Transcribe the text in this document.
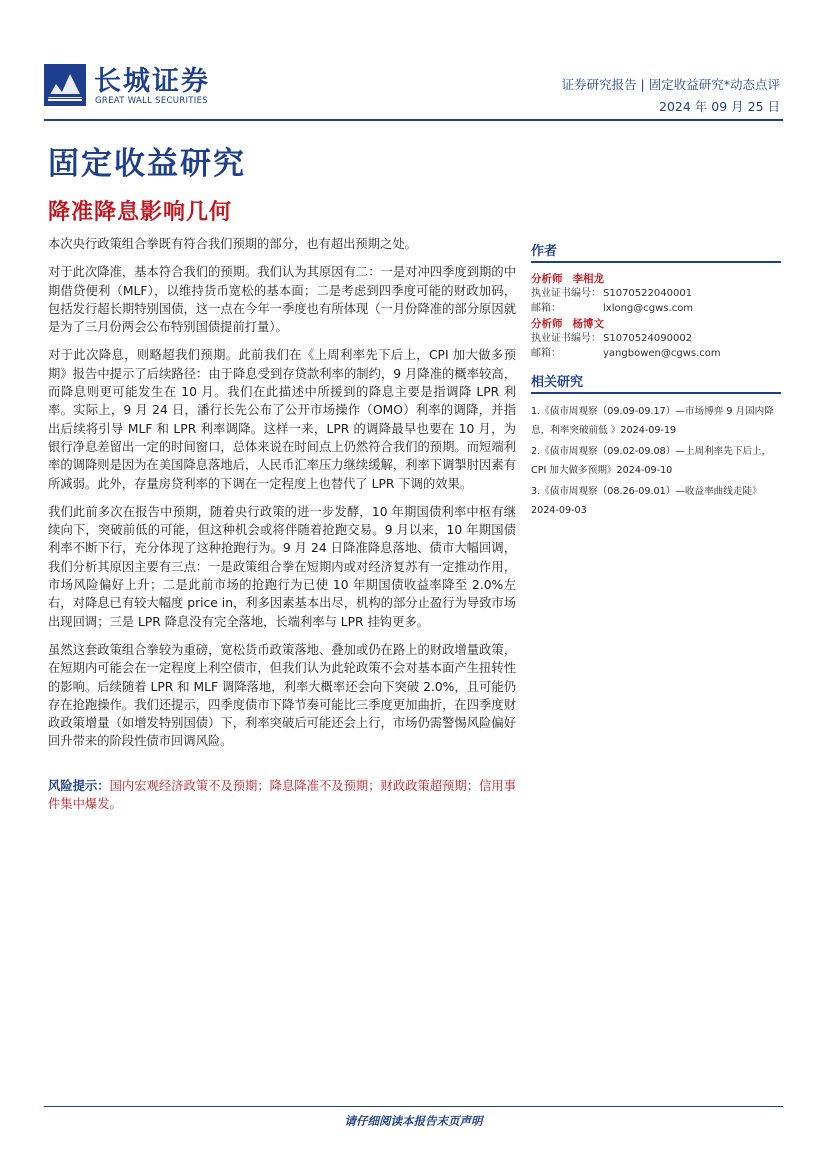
长城证券
GREAT WALL SECURITIES
证券研究报告 | 固定收益研究*动态点评
2024 年 09 月 25 日
固定收益研究
降准降息影响几何

本次央行政策组合拳既有符合我们预期的部分，也有超出预期之处。

对于此次降准，基本符合我们的预期。我们认为其原因有二：一是对冲四季度到期的中期借贷便利（MLF），以维持货币宽松的基本面；二是考虑到四季度可能的财政加码，包括发行超长期特别国债，这一点在今年一季度也有所体现（一月份降准的部分原因就是为了三月份两会公布特别国债提前打量）。

对于此次降息，则略超我们预期。此前我们在《上周利率先下后上，CPI 加大做多预期》报告中提示了后续路径：由于降息受到存贷款利率的制约，9 月降准的概率较高，而降息则更可能发生在 10 月。我们在此描述中所援到的降息主要是指调降 LPR 利率。实际上，9 月 24 日，潘行长先公布了公开市场操作（OMO）利率的调降，并指出后续将引导 MLF 和 LPR 利率调降。这样一来，LPR 的调降最早也要在 10 月，为银行净息差留出一定的时间窗口，总体来说在时间点上仍然符合我们的预期。而短端利率的调降则是因为在美国降息落地后，人民币汇率压力继续缓解，利率下调掣肘因素有所减弱。此外，存量房贷利率的下调在一定程度上也替代了 LPR 下调的效果。

我们此前多次在报告中预期，随着央行政策的进一步发酵，10 年期国债利率中枢有继续向下，突破前低的可能，但这种机会或将伴随着抢跑交易。9 月以来，10 年期国债利率不断下行，充分体现了这种抢跑行为。9 月 24 日降准降息落地、债市大幅回调，我们分析其原因主要有三点：一是政策组合拳在短期内或对经济复苏有一定推动作用，市场风险偏好上升；二是此前市场的抢跑行为已使 10 年期国债收益率降至 2.0%左右，对降息已有较大幅度 price in，利多因素基本出尽，机构的部分止盈行为导致市场出现回调；三是 LPR 降息没有完全落地，长端利率与 LPR 挂钩更多。

虽然这套政策组合拳较为重磅，宽松货币政策落地、叠加或仍在路上的财政增量政策，在短期内可能会在一定程度上利空债市，但我们认为此轮政策不会对基本面产生扭转性的影响。后续随着 LPR 和 MLF 调降落地，利率大概率还会向下突破 2.0%，且可能仍存在抢跑操作。我们还提示，四季度债市下降节奏可能比三季度更加曲折，在四季度财政政策增量（如增发特别国债）下，利率突破后可能还会上行，市场仍需警惕风险偏好回升带来的阶段性债市回调风险。

风险提示：国内宏观经济政策不及预期；降息降准不及预期；财政政策超预期；信用事件集中爆发。

作者
分析师 李相龙
执业证书编号： S1070522040001
邮箱：	lxlong@cgws.com
分析师 杨博文
执业证书编号： S1070524090002
邮箱：	yangbowen@cgws.com
相关研究
1.《债市周观察（09.09-09.17）—市场博弈 9 月国内降息，利率突破前低 》2024-09-19
2.《债市周观察（09.02-09.08）—上周利率先下后上，CPI 加大做多预期》2024-09-10
3.《债市周观察（08.26-09.01）—收益率曲线走陡》2024-09-03
请仔细阅读本报告末页声明
